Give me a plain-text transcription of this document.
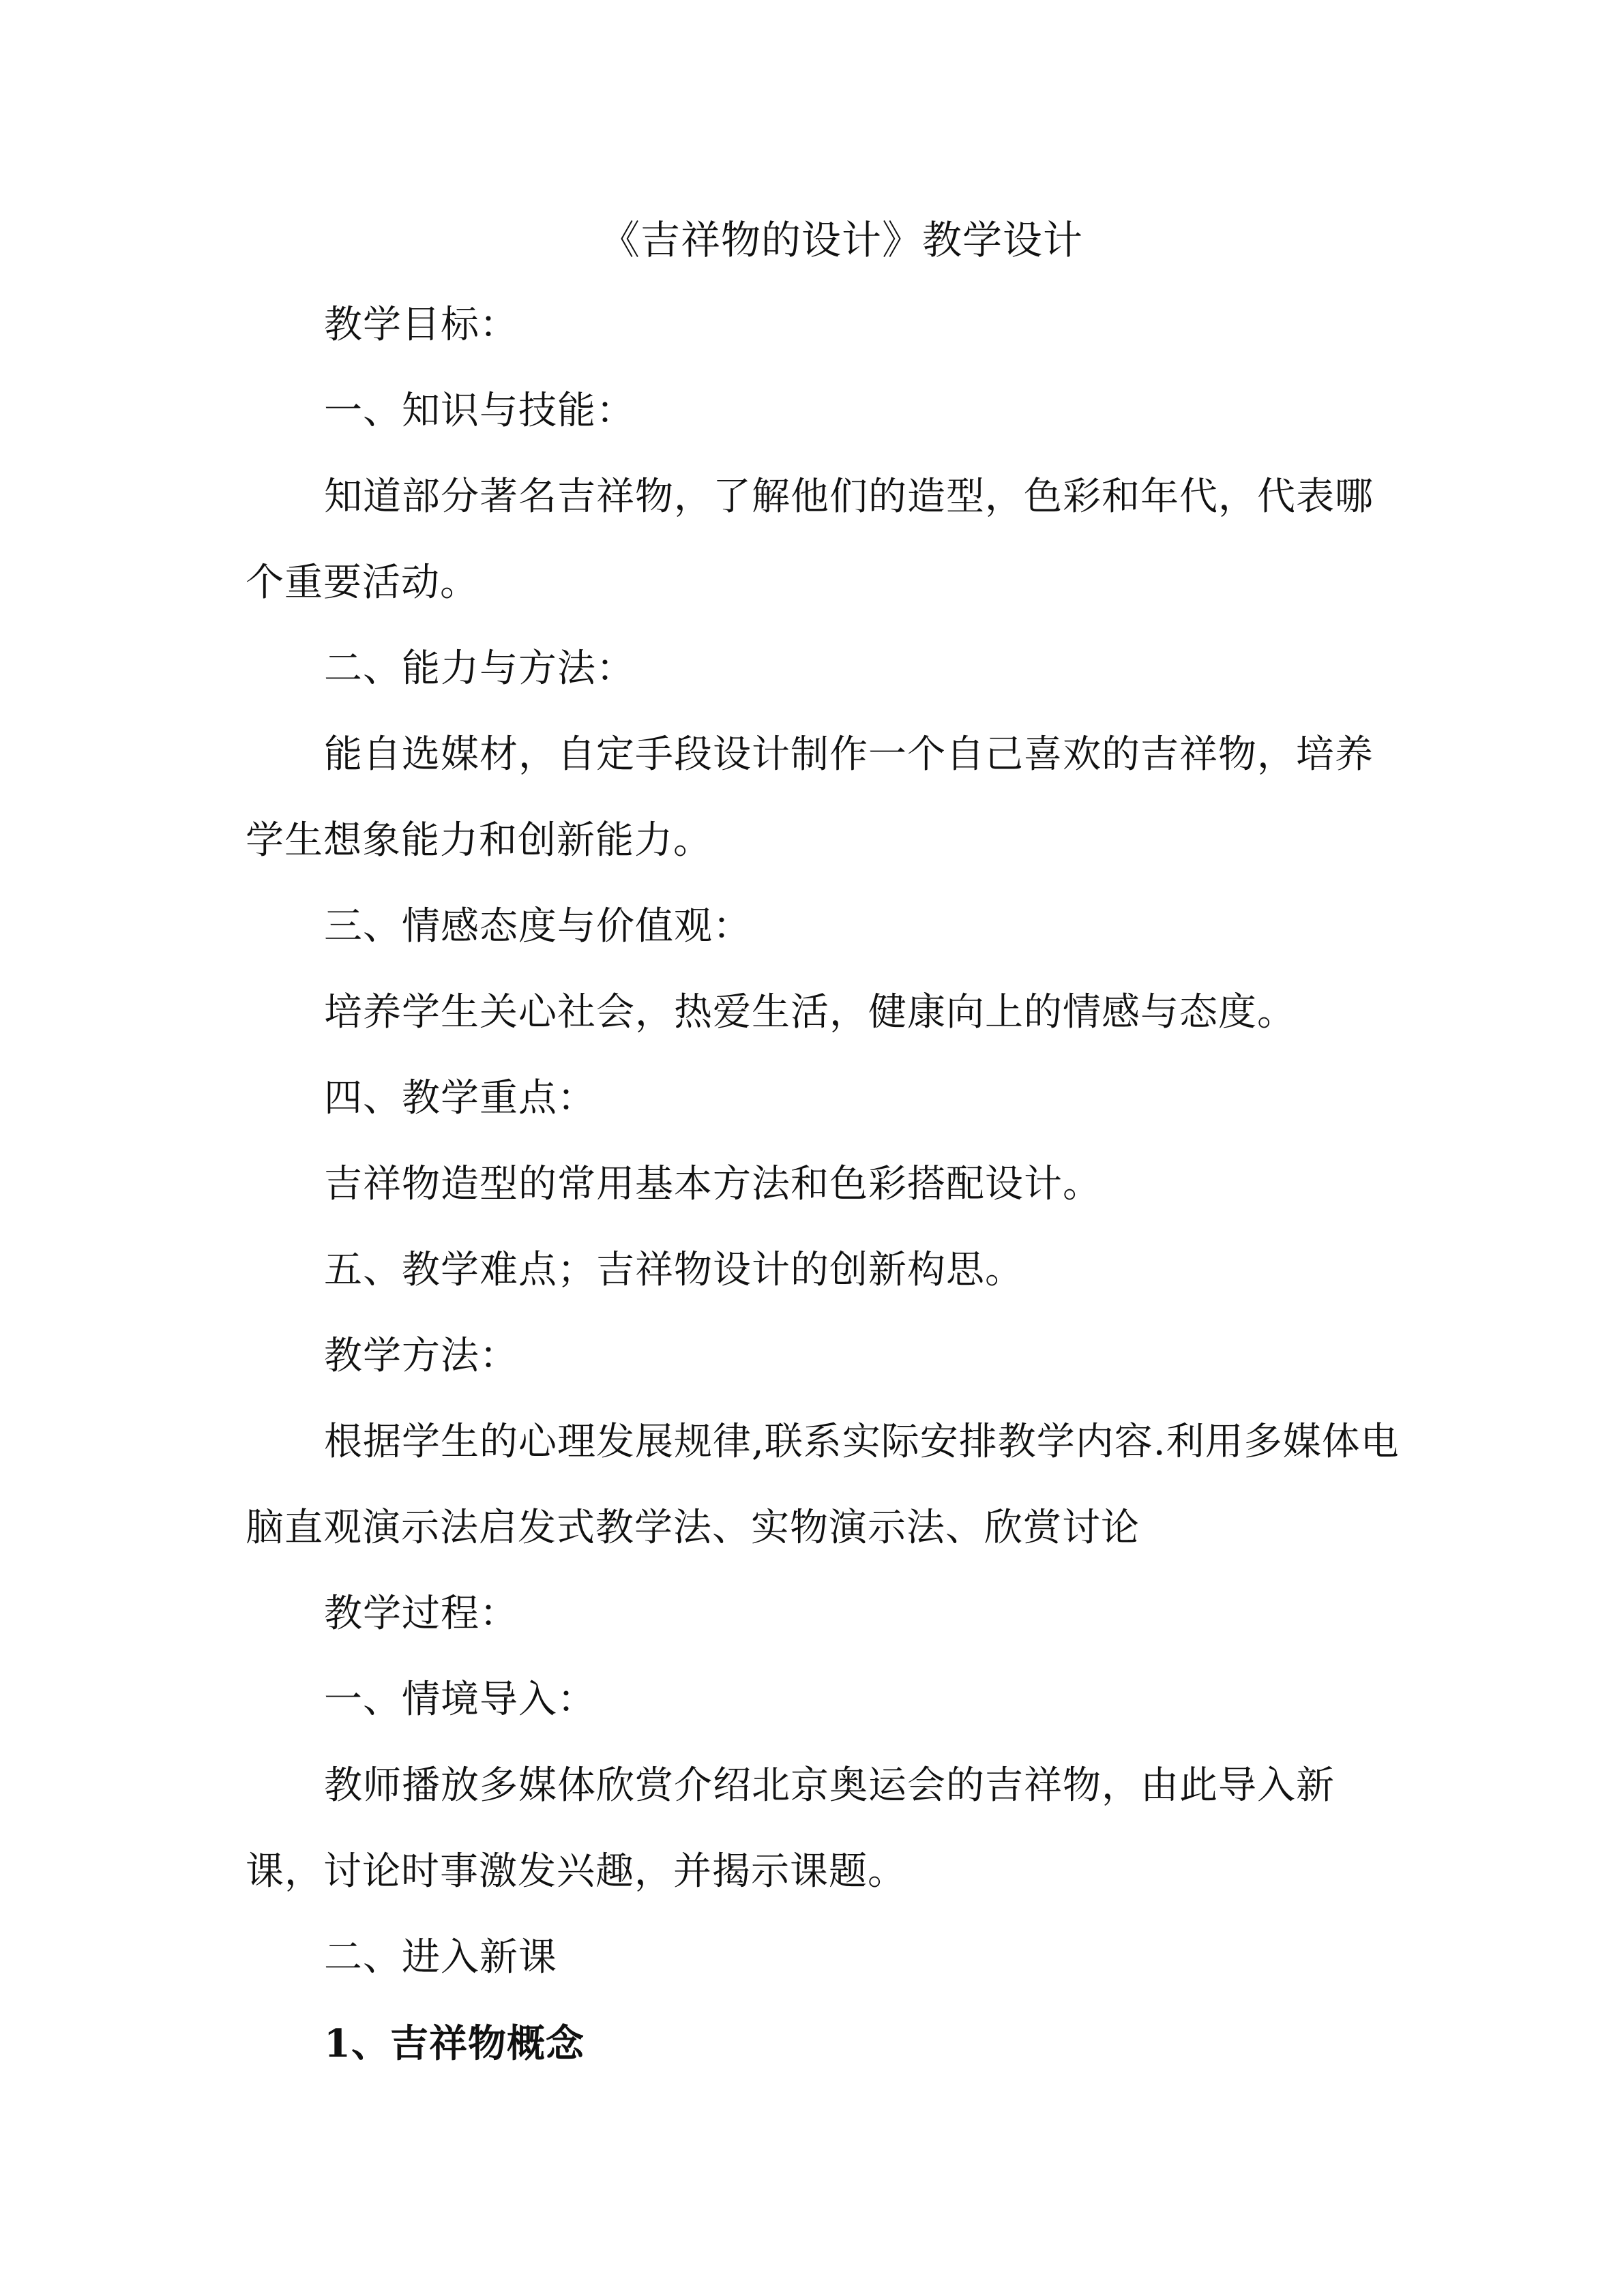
《吉祥物的设计》教学设计
教学目标：
一、知识与技能：
知道部分著名吉祥物，了解他们的造型，色彩和年代，代表哪
个重要活动。
二、能力与方法：
能自选媒材，自定手段设计制作一个自己喜欢的吉祥物，培养
学生想象能力和创新能力。
三、情感态度与价值观：
培养学生关心社会，热爱生活，健康向上的情感与态度。
四、教学重点：
吉祥物造型的常用基本方法和色彩搭配设计。
五、教学难点；吉祥物设计的创新构思。
教学方法：
根据学生的心理发展规律,联系实际安排教学内容.利用多媒体电
脑直观演示法启发式教学法、实物演示法、欣赏讨论
教学过程：
一、情境导入：
教师播放多媒体欣赏介绍北京奥运会的吉祥物，由此导入新
课，讨论时事激发兴趣，并揭示课题。
二、进入新课
1、吉祥物概念
